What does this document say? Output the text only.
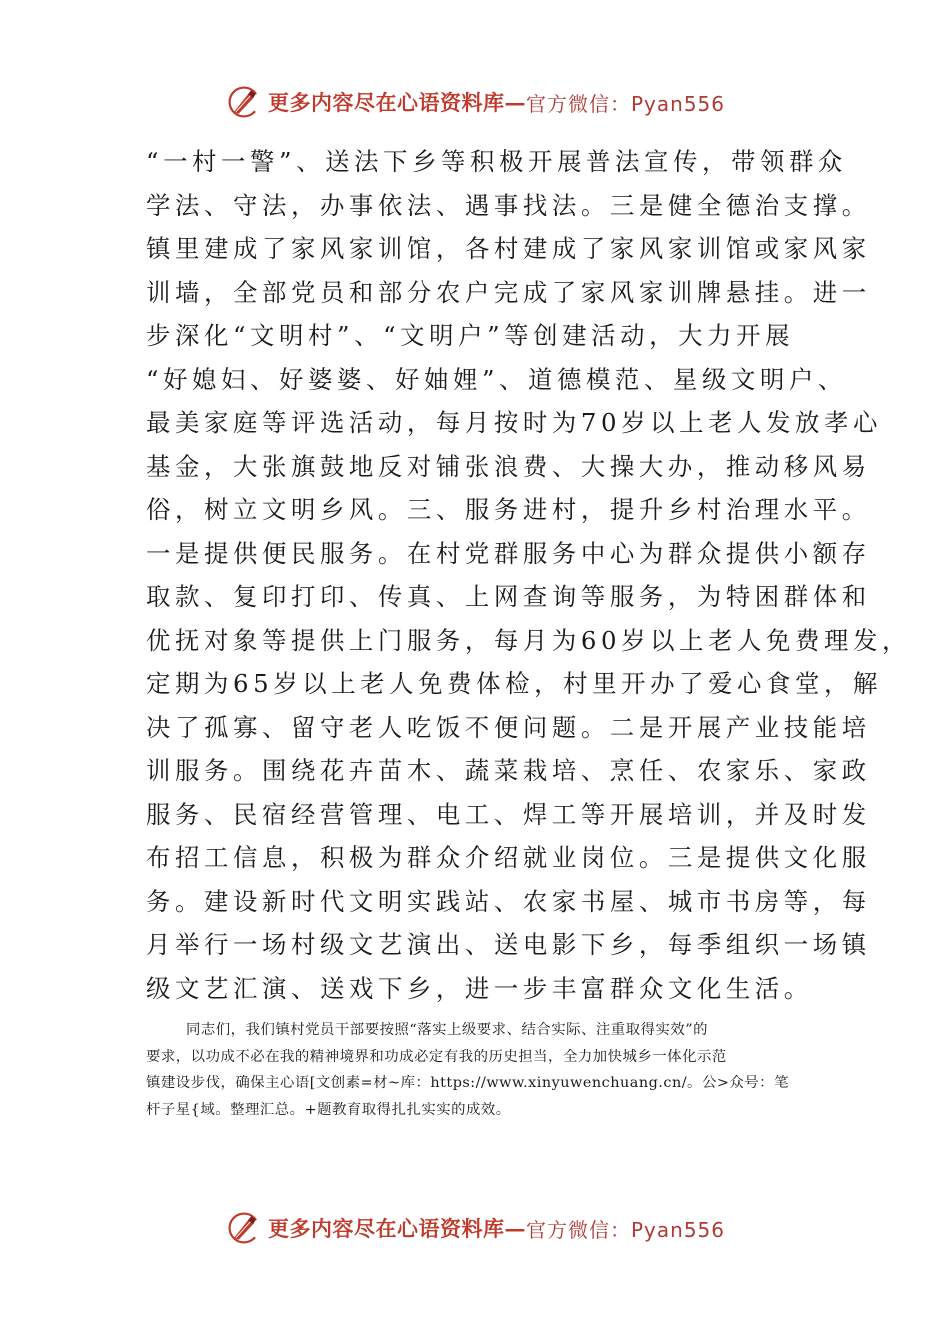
更多内容尽在心语资料库— 官方微信：Pyan556
“一村一警”、送法下乡等积极开展普法宣传，带领群众
学法、守法，办事依法、遇事找法。三是健全德治支撑。
镇里建成了家风家训馆，各村建成了家风家训馆或家风家
训墙，全部党员和部分农户完成了家风家训牌悬挂。进一
步深化“文明村”、“文明户”等创建活动，大力开展
“好媳妇、好婆婆、好妯娌”、道德模范、星级文明户、
最美家庭等评选活动，每月按时为70岁以上老人发放孝心
基金，大张旗鼓地反对铺张浪费、大操大办，推动移风易
俗，树立文明乡风。三、服务进村，提升乡村治理水平。
一是提供便民服务。在村党群服务中心为群众提供小额存
取款、复印打印、传真、上网查询等服务，为特困群体和
优抚对象等提供上门服务，每月为60岁以上老人免费理发，
定期为65岁以上老人免费体检，村里开办了爱心食堂，解
决了孤寡、留守老人吃饭不便问题。二是开展产业技能培
训服务。围绕花卉苗木、蔬菜栽培、烹任、农家乐、家政
服务、民宿经营管理、电工、焊工等开展培训，并及时发
布招工信息，积极为群众介绍就业岗位。三是提供文化服
务。建设新时代文明实践站、农家书屋、城市书房等，每
月举行一场村级文艺演出、送电影下乡，每季组织一场镇
级文艺汇演、送戏下乡，进一步丰富群众文化生活。
同志们，我们镇村党员干部要按照“落实上级要求、结合实际、注重取得实效”的
要求，以功成不必在我的精神境界和功成必定有我的历史担当，全力加快城乡一体化示范
镇建设步伐，确保主心语[文创素=材~库：https://www.xinyuwenchuang.cn/。公>众号：笔
杆子星{域。整理汇总。+题教育取得扎扎实实的成效。
更多内容尽在心语资料库— 官方微信：Pyan556
